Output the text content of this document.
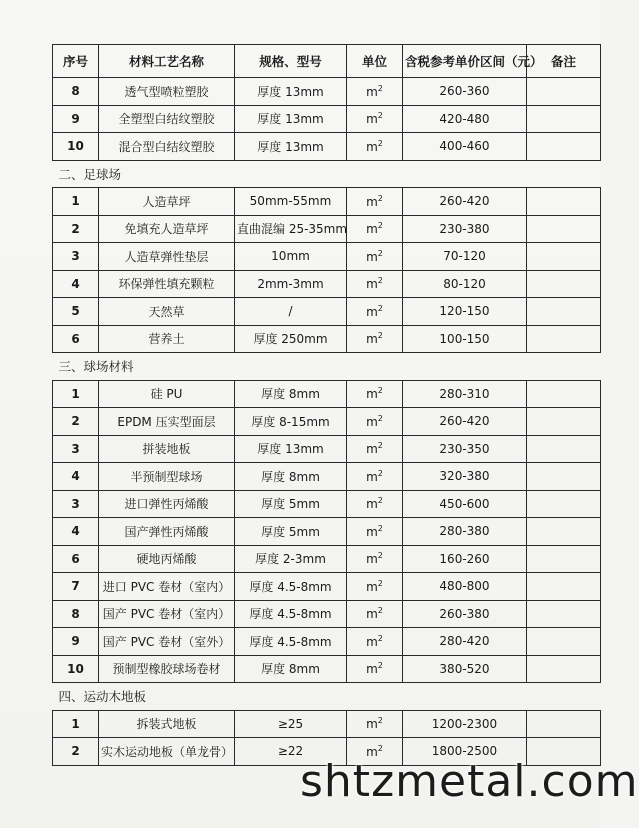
序号	材料工艺名称	规格、型号	单位	含税参考单价区间（元）	备注
8	透气型喷粒塑胶	厚度 13mm	$m^2$	260-360	
9	全塑型白结纹塑胶	厚度 13mm	$m^2$	420-480	
10	混合型白结纹塑胶	厚度 13mm	$m^2$	400-460	
二、足球场					
1	人造草坪	50mm-55mm	$m^2$	260-420	
2	免填充人造草坪	直曲混编 25-35mm	$m^2$	230-380	
3	人造草弹性垫层	10mm	$m^2$	70-120	
4	环保弹性填充颗粒	2mm-3mm	$m^2$	80-120	
5	天然草	/	$m^2$	120-150	
6	营养土	厚度 250mm	$m^2$	100-150	
三、球场材料					
1	硅 PU	厚度 8mm	$m^2$	280-310	
2	EPDM 压实型面层	厚度 8-15mm	$m^2$	260-420	
3	拼装地板	厚度 13mm	$m^2$	230-350	
4	半预制型球场	厚度 8mm	$m^2$	320-380	
3	进口弹性丙烯酸	厚度 5mm	$m^2$	450-600	
4	国产弹性丙烯酸	厚度 5mm	$m^2$	280-380	
6	硬地丙烯酸	厚度 2-3mm	$m^2$	160-260	
7	进口 PVC 卷材（室内）	厚度 4.5-8mm	$m^2$	480-800	
8	国产 PVC 卷材（室内）	厚度 4.5-8mm	$m^2$	260-380	
9	国产 PVC 卷材（室外）	厚度 4.5-8mm	$m^2$	280-420	
10	预制型橡胶球场卷材	厚度 8mm	$m^2$	380-520	
四、运动木地板					
1	拆装式地板	≥25	$m^2$	1200-2300	
2	实木运动地板（单龙骨）	≥22	$m^2$	1800-2500	
shtzmetal.com
